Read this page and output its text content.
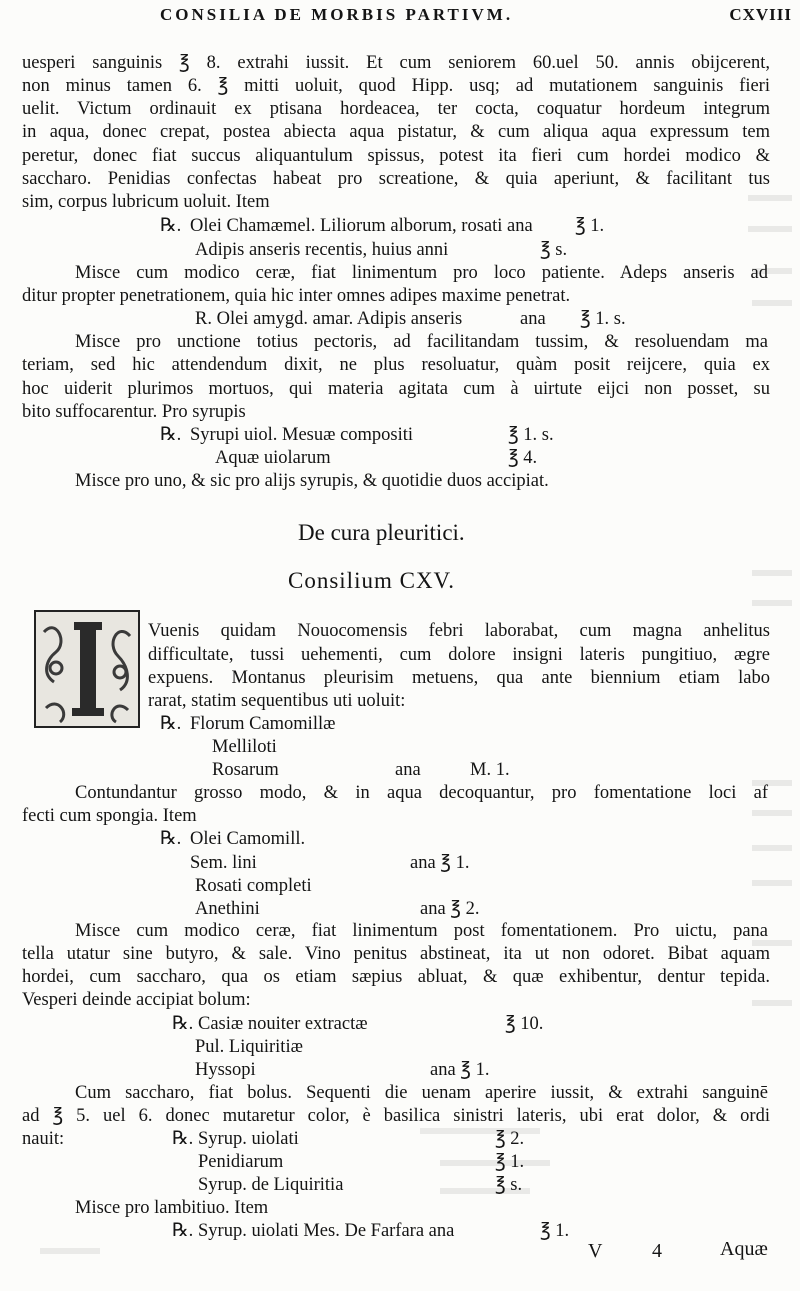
CONSILIA DE MORBIS PARTIVM.	CXVIII
uesperi sanguinis ℥ 8. extrahi iussit. Et cum seniorem 60.uel 50. annis obijcerent,
non minus tamen 6. ℥ mitti uoluit, quod Hipp. usq; ad mutationem sanguinis fieri
uelit. Victum ordinauit ex ptisana hordeacea, ter cocta, coquatur hordeum integrum
in aqua, donec crepat, postea abiecta aqua pistatur, & cum aliqua aqua expressum tem
peretur, donec fiat succus aliquantulum spissus, potest ita fieri cum hordei modico &
saccharo. Penidias confectas habeat pro screatione, & quia aperiunt, & facilitant tus
sim, corpus lubricum uoluit. Item
℞. Olei Chamæmel. Liliorum alborum, rosati ana ℥ 1.
Adipis anseris recentis, huius anni	℥ s.
Misce cum modico ceræ, fiat linimentum pro loco patiente. Adeps anseris ad
ditur propter penetrationem, quia hic inter omnes adipes maxime penetrat.
R. Olei amygd. amar. Adipis anseris	ana ℥ 1. s.
Misce pro unctione totius pectoris, ad facilitandam tussim, & resoluendam ma
teriam, sed hic attendendum dixit, ne plus resoluatur, quàm posit reijcere, quia ex
hoc uiderit plurimos mortuos, qui materia agitata cum à uirtute eijci non posset, su
bito suffocarentur. Pro syrupis
℞. Syrupi uiol. Mesuæ compositi	℥ 1. s.
Aquæ uiolarum	℥ 4.
Misce pro uno, & sic pro alijs syrupis, & quotidie duos accipiat.
De cura pleuritici.
Consilium CXV.
Vuenis quidam Nouocomensis febri laborabat, cum magna anhelitus
difficultate, tussi uehementi, cum dolore insigni lateris pungitiuo, ægre
expuens. Montanus pleurisim metuens, qua ante biennium etiam labo
rarat, statim sequentibus uti uoluit:
℞. Florum Camomillæ
Melliloti
Rosarum	ana	M. 1.
Contundantur grosso modo, & in aqua decoquantur, pro fomentatione loci af
fecti cum spongia. Item
℞. Olei Camomill.
Sem. lini	ana ℥ 1.
Rosati completi
Anethini	ana ℥ 2.
Misce cum modico ceræ, fiat linimentum post fomentationem. Pro uictu, pana
tella utatur sine butyro, & sale. Vino penitus abstineat, ita ut non odoret. Bibat aquam
hordei, cum saccharo, qua os etiam sæpius abluat, & quæ exhibentur, dentur tepida.
Vesperi deinde accipiat bolum:
℞. Casiæ nouiter extractæ	℥ 10.
Pul. Liquiritiæ
Hyssopi	ana ℥ 1.
Cum saccharo, fiat bolus. Sequenti die uenam aperire iussit, & extrahi sanguinē
ad ℥ 5. uel 6. donec mutaretur color, è basilica sinistri lateris, ubi erat dolor, & ordi
nauit:	℞. Syrup. uiolati	℥ 2.
Penidiarum	℥ 1.
Syrup. de Liquiritia	℥ s.
Misce pro lambitiuo. Item
℞. Syrup. uiolati Mes. De Farfara ana	℥ 1.
V 4	Aquæ
